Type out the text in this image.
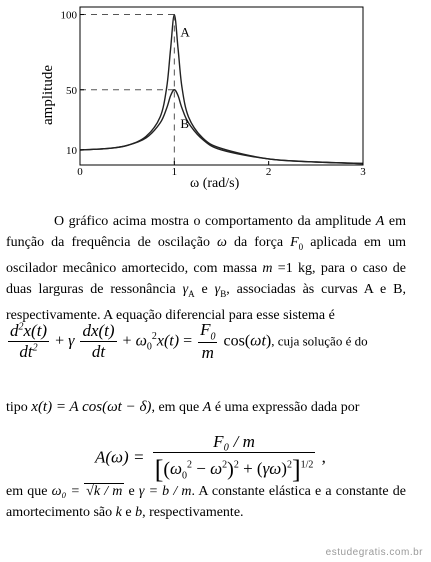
A
B
0	1	2	3
10
50
100
amplitude
ω (rad/s)

O gráfico acima mostra o comportamento da amplitude A em função da frequência de oscilação ω da força $F_0$ aplicada em um oscilador mecânico amortecido, com massa m =1 kg, para o caso de duas larguras de ressonância $\gamma_A$ e $\gamma_B$, associadas às curvas A e B, respectivamente. A equação diferencial para esse sistema é

$\frac{d^2x(t)}{dt^2} + \gamma \frac{dx(t)}{dt} + \omega_0^2x(t) = \frac{F_0}{m} \cos(\omega t)$, cuja solução é do
tipo x(t) = A cos(ωt − δ), em que A é uma expressão dada por
$A(\omega) = \frac{\text{F₀ / m}}{[(\omega_0^2 - \omega^2)^2 + (\gamma\omega)^2]^{1/2}}$ ,
em que ω₀ = √k / m e γ = b / m. A constante elástica e a constante de amortecimento são k e b, respectivamente.
estudegratis.com.br
